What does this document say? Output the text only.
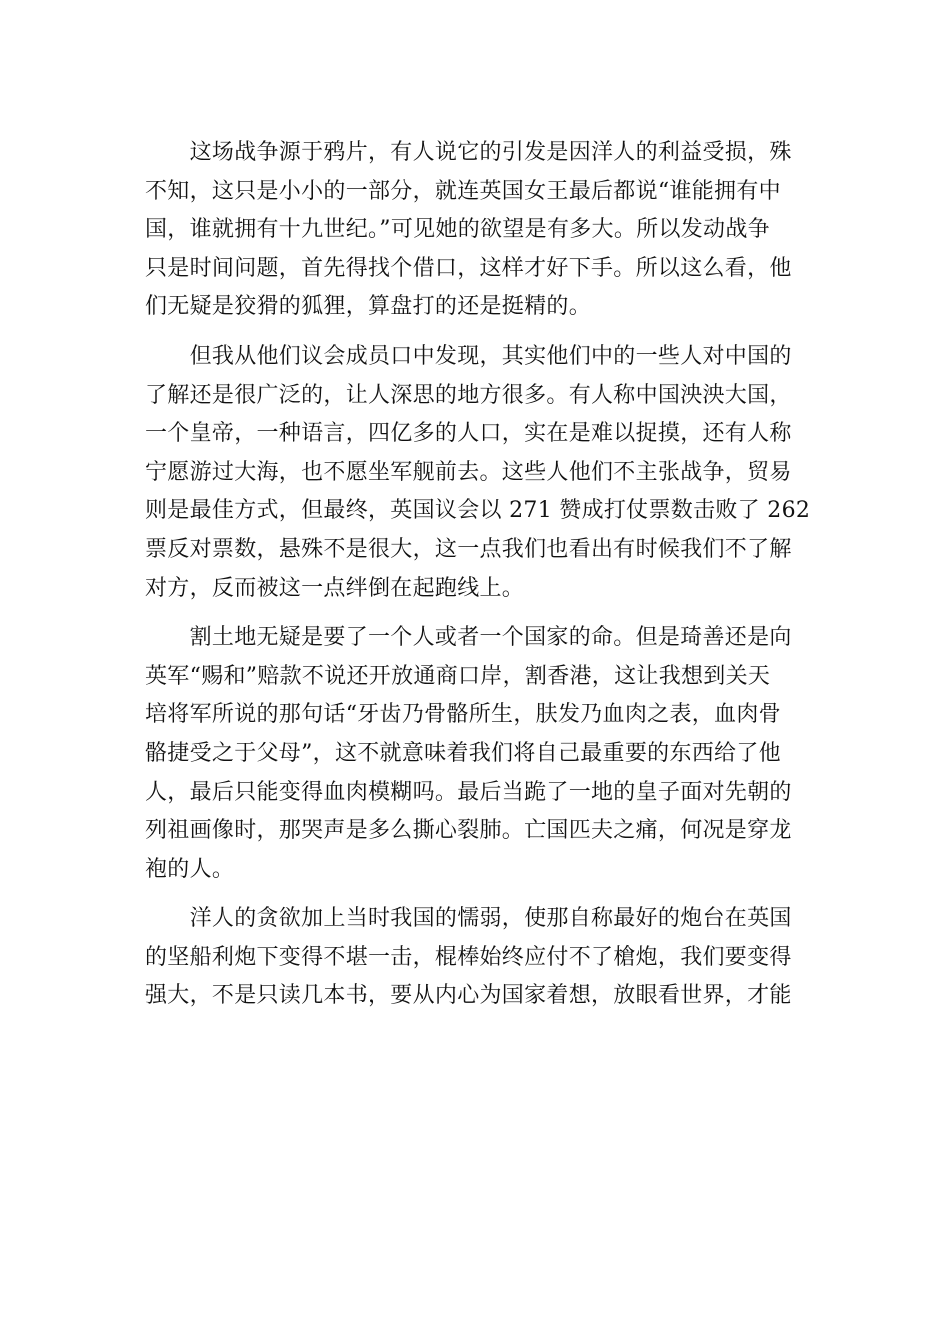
　　这场战争源于鸦片，有人说它的引发是因洋人的利益受损，殊
不知，这只是小小的一部分，就连英国女王最后都说“谁能拥有中
国，谁就拥有十九世纪。”可见她的欲望是有多大。所以发动战争
只是时间问题，首先得找个借口，这样才好下手。所以这么看，他
们无疑是狡猾的狐狸，算盘打的还是挺精的。
　　但我从他们议会成员口中发现，其实他们中的一些人对中国的
了解还是很广泛的，让人深思的地方很多。有人称中国泱泱大国，
一个皇帝，一种语言，四亿多的人口，实在是难以捉摸，还有人称
宁愿游过大海，也不愿坐军舰前去。这些人他们不主张战争，贸易
则是最佳方式，但最终，英国议会以 271 赞成打仗票数击败了 262
票反对票数，悬殊不是很大，这一点我们也看出有时候我们不了解
对方，反而被这一点绊倒在起跑线上。
　　割土地无疑是要了一个人或者一个国家的命。但是琦善还是向
英军“赐和”赔款不说还开放通商口岸，割香港，这让我想到关天
培将军所说的那句话“牙齿乃骨骼所生，肤发乃血肉之表，血肉骨
骼捷受之于父母”，这不就意味着我们将自己最重要的东西给了他
人，最后只能变得血肉模糊吗。最后当跪了一地的皇子面对先朝的
列祖画像时，那哭声是多么撕心裂肺。亡国匹夫之痛，何况是穿龙
袍的人。
　　洋人的贪欲加上当时我国的懦弱，使那自称最好的炮台在英国
的坚船利炮下变得不堪一击，棍棒始终应付不了槍炮，我们要变得
强大，不是只读几本书，要从内心为国家着想，放眼看世界，才能
